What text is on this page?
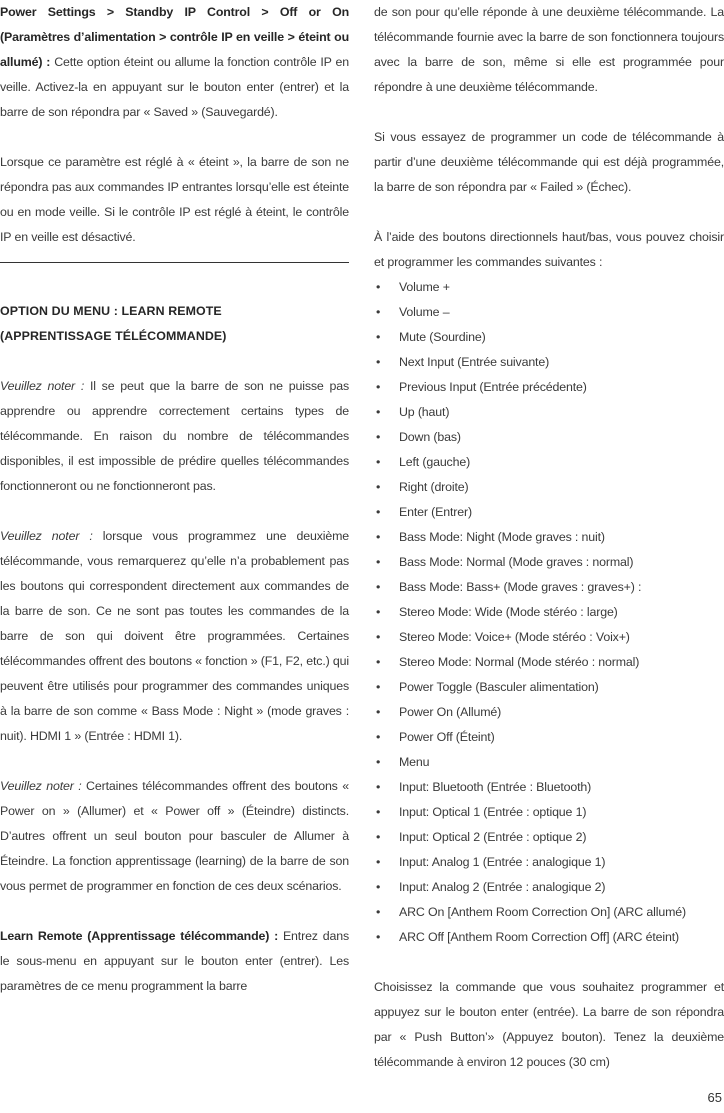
Power Settings > Standby IP Control > Off or On (Paramètres d’alimentation > contrôle IP en veille > éteint ou allumé) : Cette option éteint ou allume la fonction contrôle IP en veille. Activez-la en appuyant sur le bouton enter (entrer) et la barre de son répondra par « Saved » (Sauvegardé).

Lorsque ce paramètre est réglé à « éteint », la barre de son ne répondra pas aux commandes IP entrantes lorsqu’elle est éteinte ou en mode veille. Si le contrôle IP est réglé à éteint, le contrôle IP en veille est désactivé.

OPTION DU MENU : LEARN REMOTE
(APPRENTISSAGE TÉLÉCOMMANDE)

Veuillez noter : Il se peut que la barre de son ne puisse pas apprendre ou apprendre correctement certains types de télécommande. En raison du nombre de télécommandes disponibles, il est impossible de prédire quelles télécommandes fonctionneront ou ne fonctionneront pas.

Veuillez noter : lorsque vous programmez une deuxième télécommande, vous remarquerez qu’elle n’a probablement pas les boutons qui correspondent directement aux commandes de la barre de son. Ce ne sont pas toutes les commandes de la barre de son qui doivent être programmées. Certaines télécommandes offrent des boutons « fonction » (F1, F2, etc.) qui peuvent être utilisés pour programmer des commandes uniques à la barre de son comme « Bass Mode : Night » (mode graves : nuit). HDMI 1 » (Entrée : HDMI 1).

Veuillez noter : Certaines télécommandes offrent des boutons « Power on » (Allumer) et « Power off » (Éteindre) distincts. D’autres offrent un seul bouton pour basculer de Allumer à Éteindre. La fonction apprentissage (learning) de la barre de son vous permet de programmer en fonction de ces deux scénarios.

Learn Remote (Apprentissage télécommande) : Entrez dans le sous-menu en appuyant sur le bouton enter (entrer). Les paramètres de ce menu programment la barre

de son pour qu’elle réponde à une deuxième télécommande. La télécommande fournie avec la barre de son fonctionnera toujours avec la barre de son, même si elle est programmée pour répondre à une deuxième télécommande.

Si vous essayez de programmer un code de télécommande à partir d’une deuxième télécommande qui est déjà programmée, la barre de son répondra par « Failed » (Échec).

À l’aide des boutons directionnels haut/bas, vous pouvez choisir et programmer les commandes suivantes :

• Volume +
• Volume –
• Mute (Sourdine)
• Next Input (Entrée suivante)
• Previous Input (Entrée précédente)
• Up (haut)
• Down (bas)
• Left (gauche)
• Right (droite)
• Enter (Entrer)
• Bass Mode: Night (Mode graves : nuit)
• Bass Mode: Normal (Mode graves : normal)
• Bass Mode: Bass+ (Mode graves : graves+) :
• Stereo Mode: Wide (Mode stéréo : large)
• Stereo Mode: Voice+ (Mode stéréo : Voix+)
• Stereo Mode: Normal (Mode stéréo : normal)
• Power Toggle (Basculer alimentation)
• Power On (Allumé)
• Power Off (Éteint)
• Menu
• Input: Bluetooth (Entrée : Bluetooth)
• Input: Optical 1 (Entrée : optique 1)
• Input: Optical 2 (Entrée : optique 2)
• Input: Analog 1 (Entrée : analogique 1)
• Input: Analog 2 (Entrée : analogique 2)
• ARC On [Anthem Room Correction On] (ARC allumé)
• ARC Off [Anthem Room Correction Off] (ARC éteint)

Choisissez la commande que vous souhaitez programmer et appuyez sur le bouton enter (entrée). La barre de son répondra par « Push Button’» (Appuyez bouton). Tenez la deuxième télécommande à environ 12 pouces (30 cm)

65
